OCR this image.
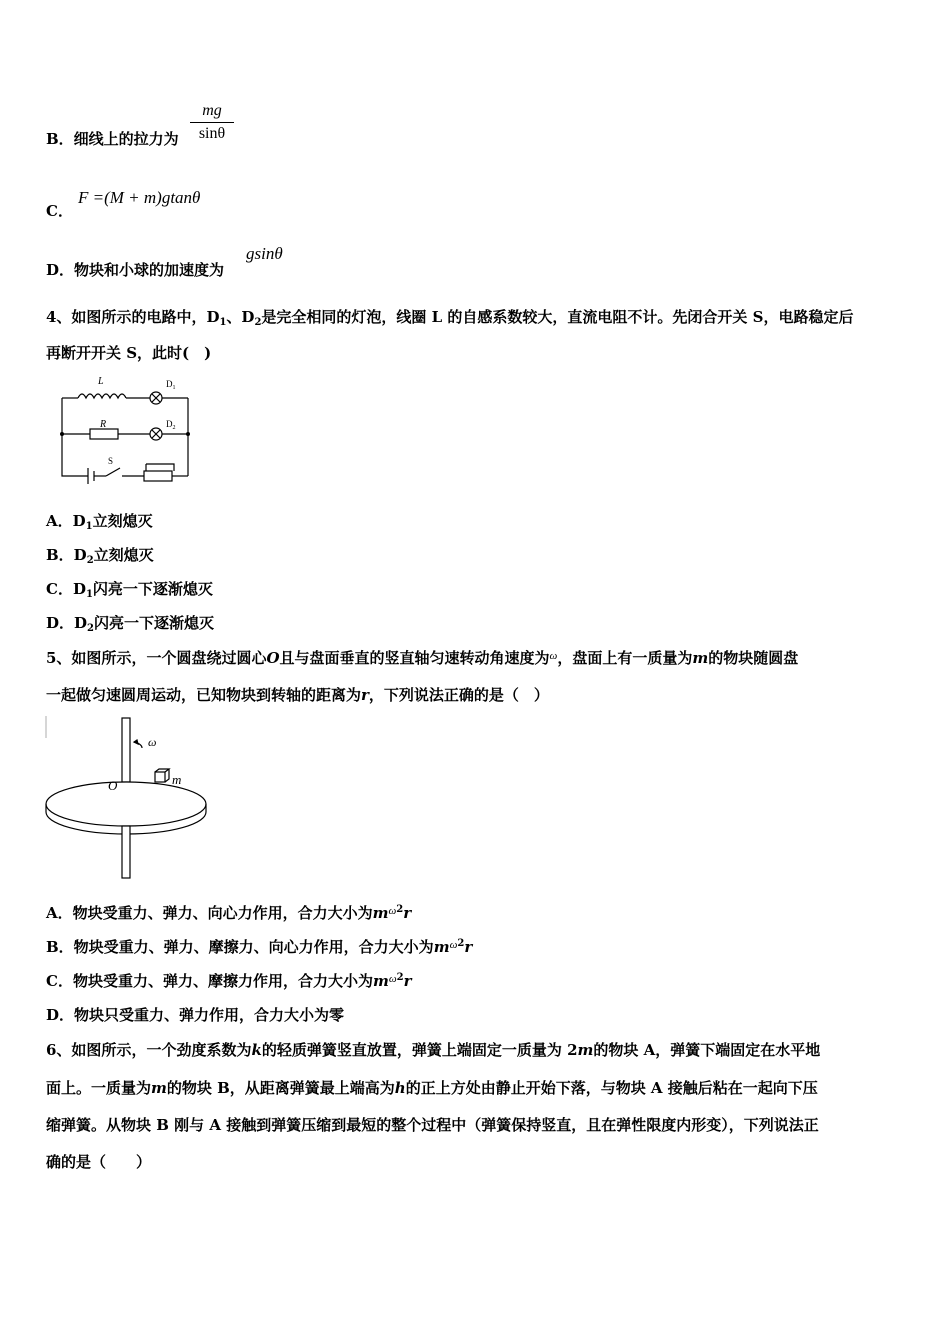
B．细线上的拉力为
mg
sinθ
C．
F =(M + m)gtanθ
D．物块和小球的加速度为
gsinθ
4、如图所示的电路中，$D_1$、$D_2$是完全相同的灯泡，线圈 L 的自感系数较大，直流电阻不计。先闭合开关 S，电路稳定后
再断开开关 S，此时(　)
L
R
$D_1$
$D_2$
S
A．$D_1$立刻熄灭
B．$D_2$立刻熄灭
C．$D_1$闪亮一下逐渐熄灭
D．$D_2$闪亮一下逐渐熄灭
5、如图所示，一个圆盘绕过圆心O且与盘面垂直的竖直轴匀速转动角速度为$^\omega$，盘面上有一质量为m的物块随圆盘
一起做匀速圆周运动，已知物块到转轴的距离为r，下列说法正确的是（　）
ω
O	m
A．物块受重力、弹力、向心力作用，合力大小为$m^{\omega 2}r$
B．物块受重力、弹力、摩擦力、向心力作用，合力大小为$m^{\omega 2}r$
C．物块受重力、弹力、摩擦力作用，合力大小为$m^{\omega 2}r$
D．物块只受重力、弹力作用，合力大小为零
6、如图所示，一个劲度系数为k的轻质弹簧竖直放置，弹簧上端固定一质量为 2m的物块 A，弹簧下端固定在水平地
面上。一质量为m的物块 B，从距离弹簧最上端高为h的正上方处由静止开始下落，与物块 A 接触后粘在一起向下压
缩弹簧。从物块 B 刚与 A 接触到弹簧压缩到最短的整个过程中（弹簧保持竖直，且在弹性限度内形变），下列说法正
确的是（　　）
